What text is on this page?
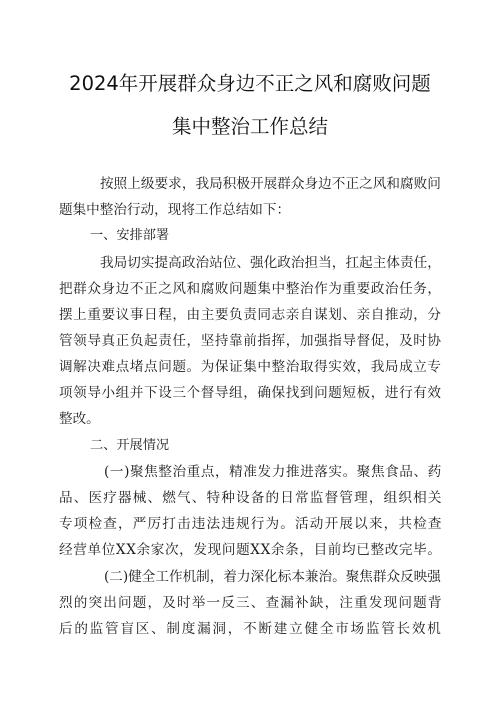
2024年开展群众身边不正之风和腐败问题
集中整治工作总结
按照上级要求，我局积极开展群众身边不正之风和腐败问
题集中整治行动，现将工作总结如下：
一、安排部署
我局切实提高政治站位、强化政治担当，扛起主体责任，
把群众身边不正之风和腐败问题集中整治作为重要政治任务，
摆上重要议事日程，由主要负责同志亲自谋划、亲自推动，分
管领导真正负起责任，坚持靠前指挥，加强指导督促，及时协
调解决难点堵点问题。为保证集中整治取得实效，我局成立专
项领导小组并下设三个督导组，确保找到问题短板，进行有效
整改。
二、开展情况
(一)聚焦整治重点，精准发力推进落实。聚焦食品、药
品、医疗器械、燃气、特种设备的日常监督管理，组织相关
专项检查，严厉打击违法违规行为。活动开展以来，共检查
经营单位XX余家次，发现问题XX余条，目前均已整改完毕。
(二)健全工作机制，着力深化标本兼治。聚焦群众反映强
烈的突出问题，及时举一反三、查漏补缺，注重发现问题背
后的监管盲区、制度漏洞，不断建立健全市场监管长效机
